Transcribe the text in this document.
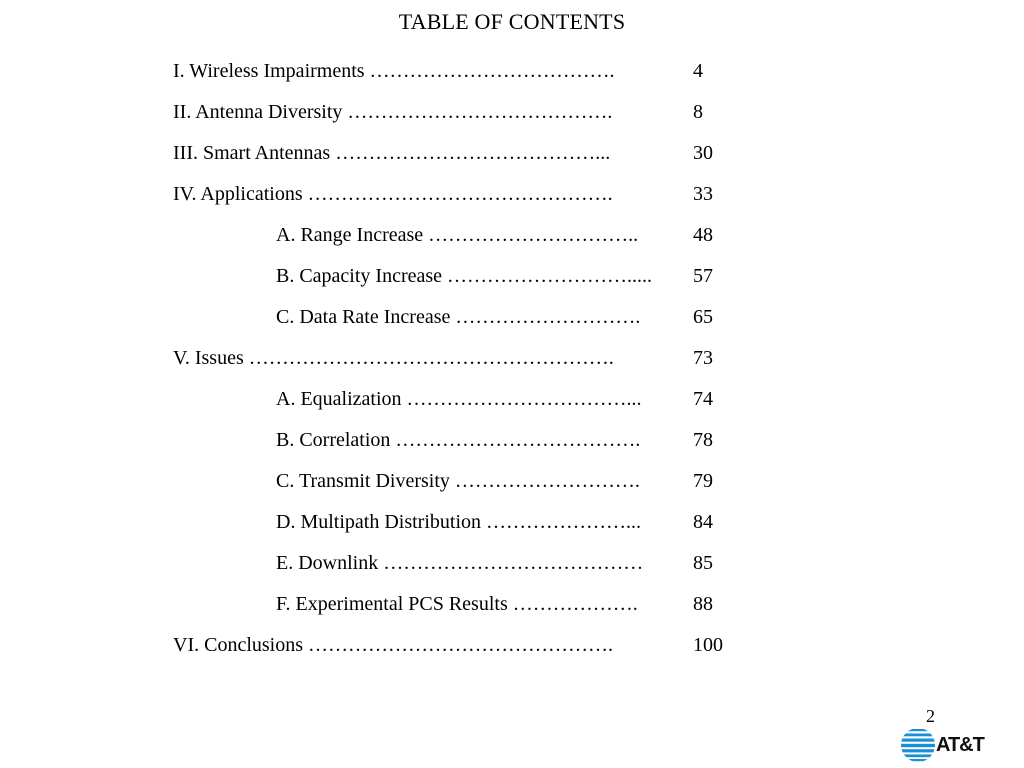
TABLE OF CONTENTS
I. Wireless Impairments ……………………………….	4
II. Antenna Diversity ………………………………….	8
III. Smart Antennas …………………………………...	30
IV. Applications ……………………………………….	33
A. Range Increase …………………………..	48
B. Capacity Increase ………………………..... 57
C. Data Rate Increase ……………………….	65
V. Issues ……………………………………………….	73
A. Equalization ……………………………...	74
B. Correlation ……………………………….	78
C. Transmit Diversity ……………………….	79
D. Multipath Distribution …………………...	84
E. Downlink ………………………………… 85
F. Experimental PCS Results ……………….	88
VI. Conclusions ……………………………………….	100
2
AT&T
